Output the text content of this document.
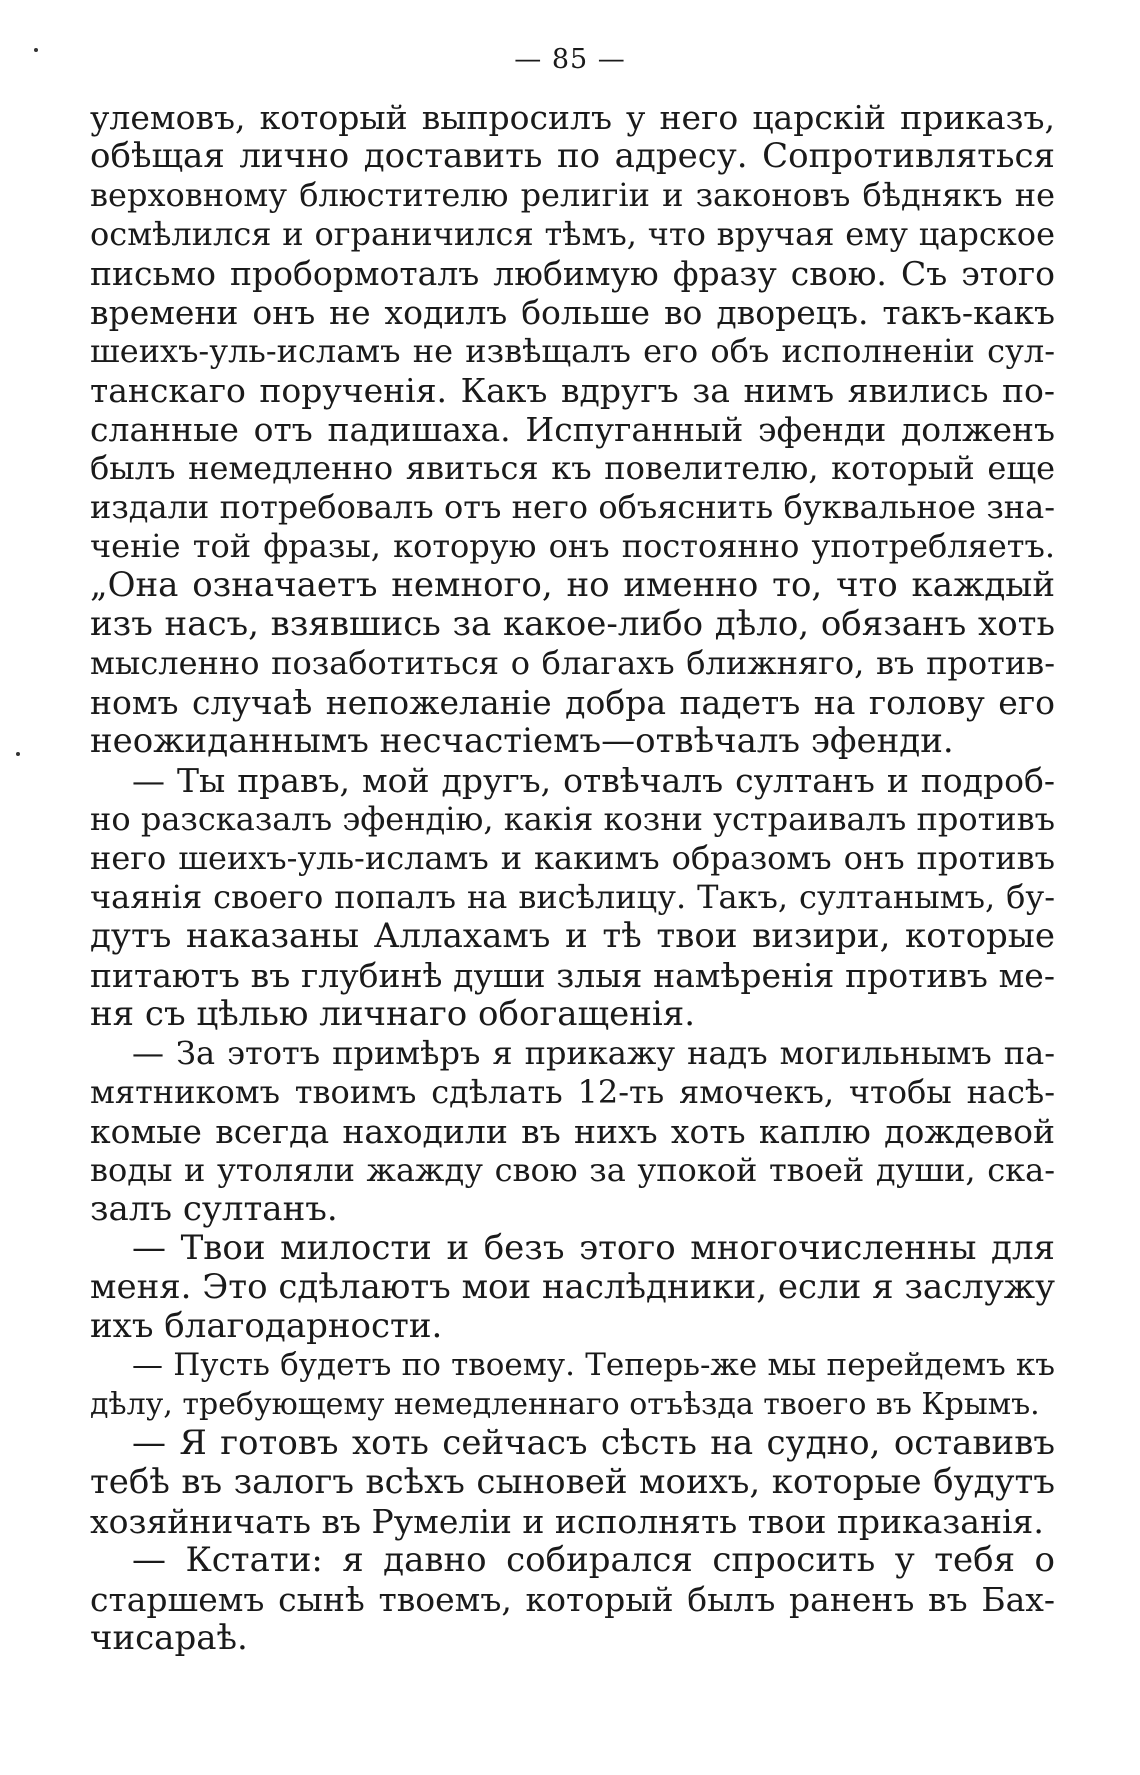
— 85 —
улемовъ, который выпросилъ у него царскій приказъ,
обѣщая лично доставить по адресу. Сопротивляться
верховному блюстителю религіи и законовъ бѣднякъ не
осмѣлился и ограничился тѣмъ, что вручая ему царское
письмо пробормоталъ любимую фразу свою. Съ этого
времени онъ не ходилъ больше во дворецъ. такъ-какъ
шеихъ-уль-исламъ не извѣщалъ его объ исполненіи сул-
танскаго порученія. Какъ вдругъ за нимъ явились по-
сланные отъ падишаха. Испуганный эфенди долженъ
былъ немедленно явиться къ повелителю, который еще
издали потребовалъ отъ него объяснить буквальное зна-
ченіе той фразы, которую онъ постоянно употребляетъ.
„Она означаетъ немного, но именно то, что каждый
изъ насъ, взявшись за какое-либо дѣло, обязанъ хоть
мысленно позаботиться о благахъ ближняго, въ против-
номъ случаѣ непожеланіе добра падетъ на голову его
неожиданнымъ несчастіемъ—отвѣчалъ эфенди.
— Ты правъ, мой другъ, отвѣчалъ султанъ и подроб-
но разсказалъ эфендію, какія козни устраивалъ противъ
него шеихъ-уль-исламъ и какимъ образомъ онъ противъ
чаянія своего попалъ на висѣлицу. Такъ, султанымъ, бу-
дутъ наказаны Аллахамъ и тѣ твои визири, которые
питаютъ въ глубинѣ души злыя намѣренія противъ ме-
ня съ цѣлью личнаго обогащенія.
— За этотъ примѣръ я прикажу надъ могильнымъ па-
мятникомъ твоимъ сдѣлать 12-ть ямочекъ, чтобы насѣ-
комые всегда находили въ нихъ хоть каплю дождевой
воды и утоляли жажду свою за упокой твоей души, ска-
залъ султанъ.
— Твои милости и безъ этого многочисленны для
меня. Это сдѣлаютъ мои наслѣдники, если я заслужу
ихъ благодарности.
— Пусть будетъ по твоему. Теперь-же мы перейдемъ къ
дѣлу, требующему немедленнаго отъѣзда твоего въ Крымъ.
— Я готовъ хоть сейчасъ сѣсть на судно, оставивъ
тебѣ въ залогъ всѣхъ сыновей моихъ, которые будутъ
хозяйничать въ Румеліи и исполнять твои приказанія.
— Кстати: я давно собирался спросить у тебя о
старшемъ сынѣ твоемъ, который былъ раненъ въ Бах-
чисараѣ.
